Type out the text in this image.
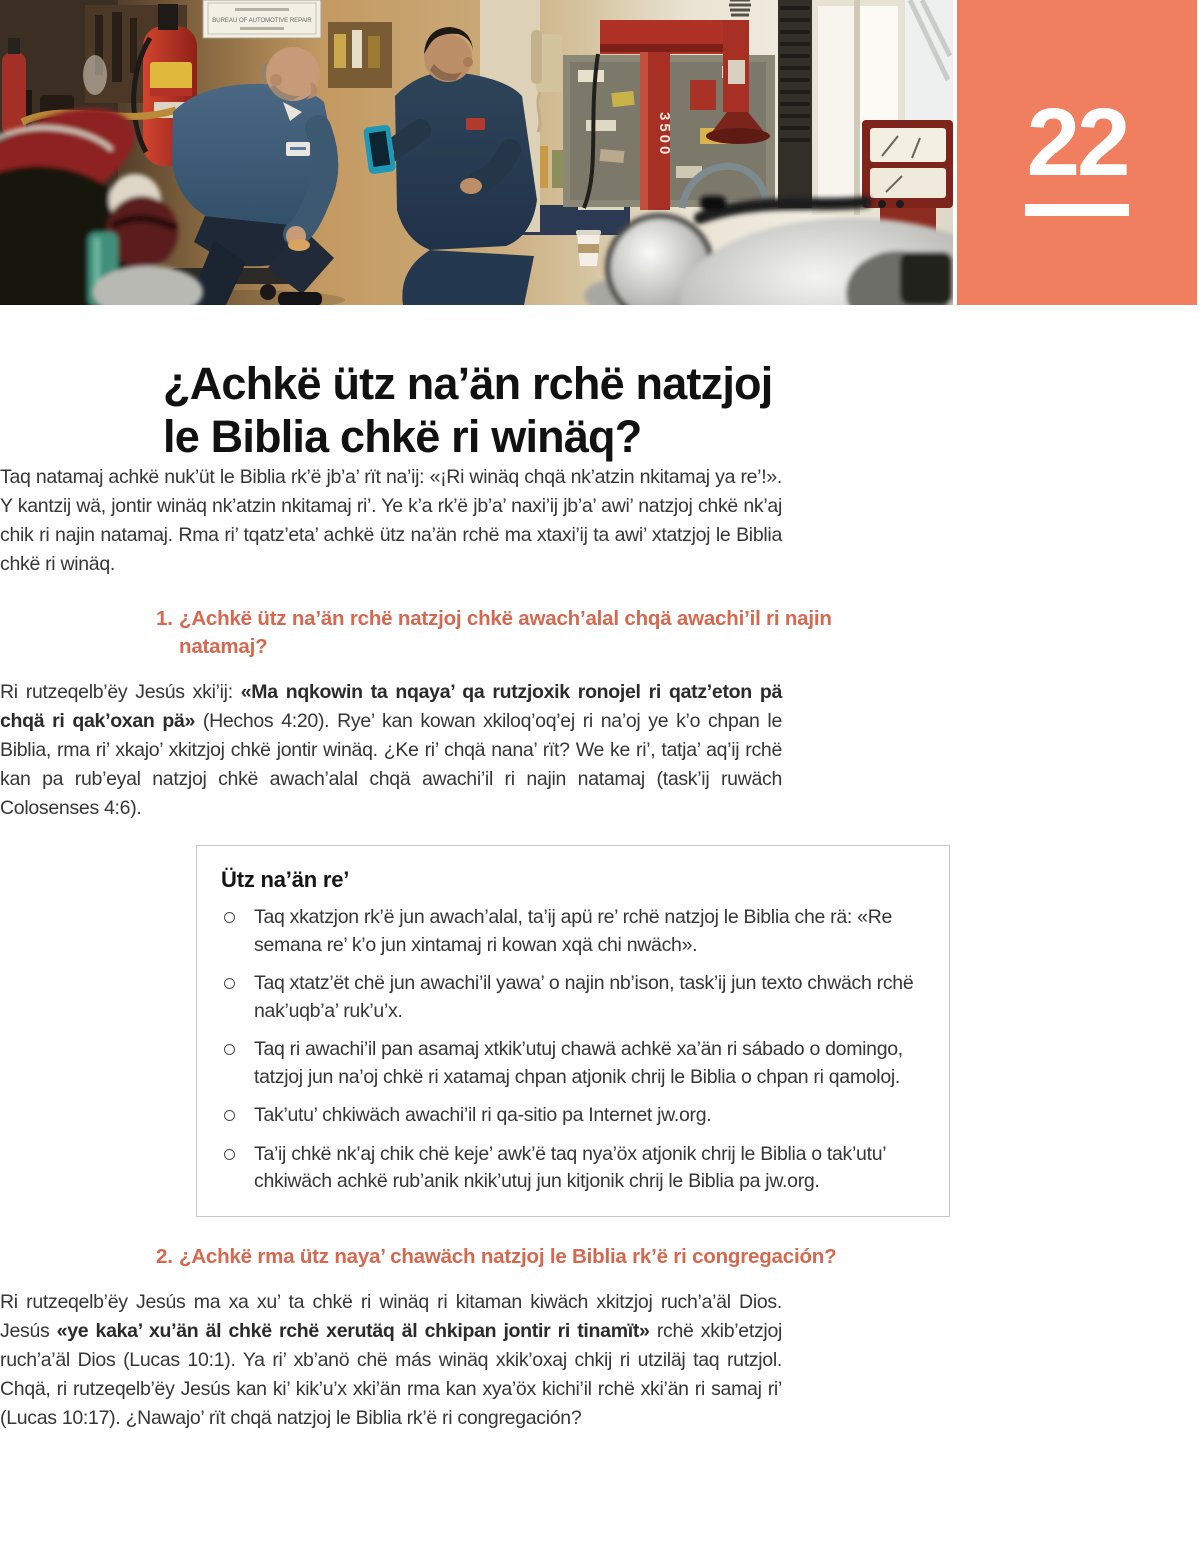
BUREAU OF AUTOMOTIVE REPAIR
3500	22
¿Achkë ütz na’än rchë natzjoj
le Biblia chkë ri winäq?

Taq natamaj achkë nuk’üt le Biblia rk’ë jb’a’ rït na’ij: «¡Ri winäq chqä nk’atzin nkitamaj ya re’!». Y kantzij wä, jontir winäq nk’atzin nkitamaj ri’. Ye k’a rk’ë jb’a’ naxi’ij jb’a’ awi’ natzjoj chkë nk’aj chik ri najin natamaj. Rma ri’ tqatz’eta’ achkë ütz na’än rchë ma xtaxi’ij ta awi’ xtatzjoj le Biblia chkë ri winäq.

1. ¿Achkë ütz na’än rchë natzjoj chkë awach’alal chqä awachi’il ri najin natamaj?

Ri rutzeqelb’ëy Jesús xki’ij: «Ma nqkowin ta nqaya’ qa rutzjoxik ronojel ri qatz’eton pä chqä ri qak’oxan pä» (Hechos 4:20). Rye’ kan kowan xkiloq’oq’ej ri na’oj ye k’o chpan le Biblia, rma ri’ xkajo’ xkitzjoj chkë jontir winäq. ¿Ke ri’ chqä nana’ rït? We ke ri’, tatja’ aq’ij rchë kan pa rub’eyal natzjoj chkë awach’alal chqä awachi’il ri najin natamaj (task’ij ruwäch Colosenses 4:6).

Ütz na’än re’
Taq xkatzjon rk’ë jun awach’alal, ta’ij apü re’ rchë natzjoj le Biblia che rä: «Re semana re’ k’o jun xintamaj ri kowan xqä chi nwäch».
Taq xtatz’ët chë jun awachi’il yawa’ o najin nb’ison, task’ij jun texto chwäch rchë nak’uqb’a’ ruk’u’x.
Taq ri awachi’il pan asamaj xtkik’utuj chawä achkë xa’än ri sábado o domingo, tatzjoj jun na’oj chkë ri xatamaj chpan atjonik chrij le Biblia o chpan ri qamoloj.
Tak’utu’ chkiwäch awachi’il ri qa-sitio pa Internet jw.org.
Ta’ij chkë nk’aj chik chë keje’ awk’ë taq nya’öx atjonik chrij le Biblia o tak’utu’ chkiwäch achkë rub’anik nkik’utuj jun kitjonik chrij le Biblia pa jw.org.
2. ¿Achkë rma ütz naya’ chawäch natzjoj le Biblia rk’ë ri congregación?

Ri rutzeqelb’ëy Jesús ma xa xu’ ta chkë ri winäq ri kitaman kiwäch xkitzjoj ruch’a’äl Dios. Jesús «ye kaka’ xu’än äl chkë rchë xerutäq äl chkipan jontir ri tinamït» rchë xkib’etzjoj ruch’a’äl Dios (Lucas 10:1). Ya ri’ xb’anö chë más winäq xkik’oxaj chkij ri utziläj taq rutzjol. Chqä, ri rutzeqelb’ëy Jesús kan ki’ kik’u’x xki’än rma kan xya’öx kichi’il rchë xki’än ri samaj ri’ (Lucas 10:17). ¿Nawajo’ rït chqä natzjoj le Biblia rk’ë ri congregación?
